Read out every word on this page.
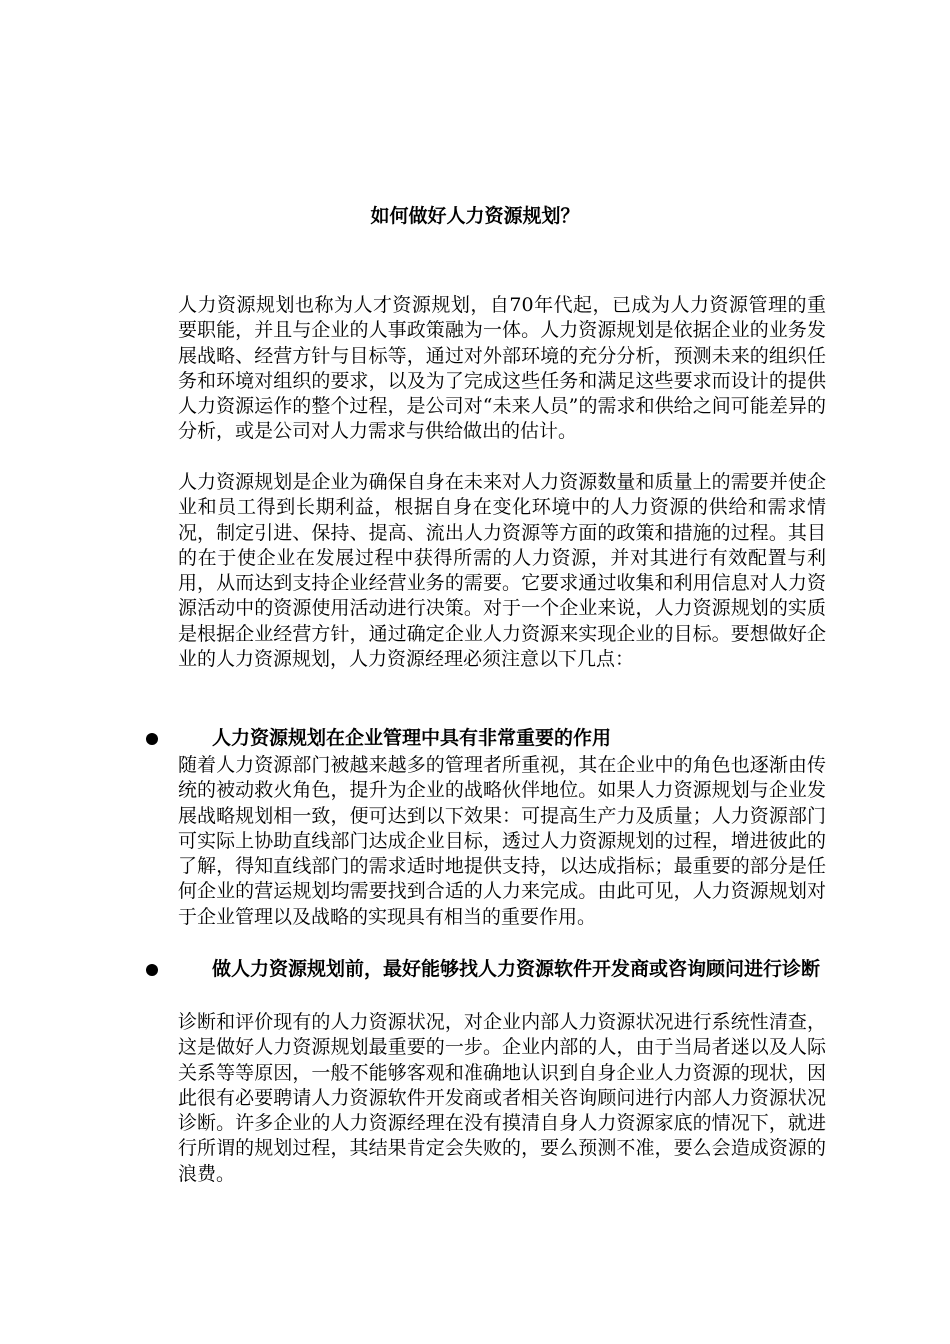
如何做好人力资源规划？
人力资源规划也称为人才资源规划，自70年代起，已成为人力资源管理的重要职能，并且与企业的人事政策融为一体。人力资源规划是依据企业的业务发展战略、经营方针与目标等，通过对外部环境的充分分析，预测未来的组织任务和环境对组织的要求，以及为了完成这些任务和满足这些要求而设计的提供人力资源运作的整个过程，是公司对“未来人员”的需求和供给之间可能差异的分析，或是公司对人力需求与供给做出的估计。
人力资源规划是企业为确保自身在未来对人力资源数量和质量上的需要并使企业和员工得到长期利益，根据自身在变化环境中的人力资源的供给和需求情况，制定引进、保持、提高、流出人力资源等方面的政策和措施的过程。其目的在于使企业在发展过程中获得所需的人力资源，并对其进行有效配置与利用，从而达到支持企业经营业务的需要。它要求通过收集和利用信息对人力资源活动中的资源使用活动进行决策。对于一个企业来说，人力资源规划的实质是根据企业经营方针，通过确定企业人力资源来实现企业的目标。要想做好企业的人力资源规划，人力资源经理必须注意以下几点：
人力资源规划在企业管理中具有非常重要的作用
随着人力资源部门被越来越多的管理者所重视，其在企业中的角色也逐渐由传统的被动救火角色，提升为企业的战略伙伴地位。如果人力资源规划与企业发展战略规划相一致，便可达到以下效果：可提高生产力及质量；人力资源部门可实际上协助直线部门达成企业目标，透过人力资源规划的过程，增进彼此的了解，得知直线部门的需求适时地提供支持，以达成指标；最重要的部分是任何企业的营运规划均需要找到合适的人力来完成。由此可见，人力资源规划对于企业管理以及战略的实现具有相当的重要作用。
做人力资源规划前，最好能够找人力资源软件开发商或咨询顾问进行诊断
诊断和评价现有的人力资源状况，对企业内部人力资源状况进行系统性清查，这是做好人力资源规划最重要的一步。企业内部的人，由于当局者迷以及人际关系等等原因，一般不能够客观和准确地认识到自身企业人力资源的现状，因此很有必要聘请人力资源软件开发商或者相关咨询顾问进行内部人力资源状况诊断。许多企业的人力资源经理在没有摸清自身人力资源家底的情况下，就进行所谓的规划过程，其结果肯定会失败的，要么预测不准，要么会造成资源的浪费。
